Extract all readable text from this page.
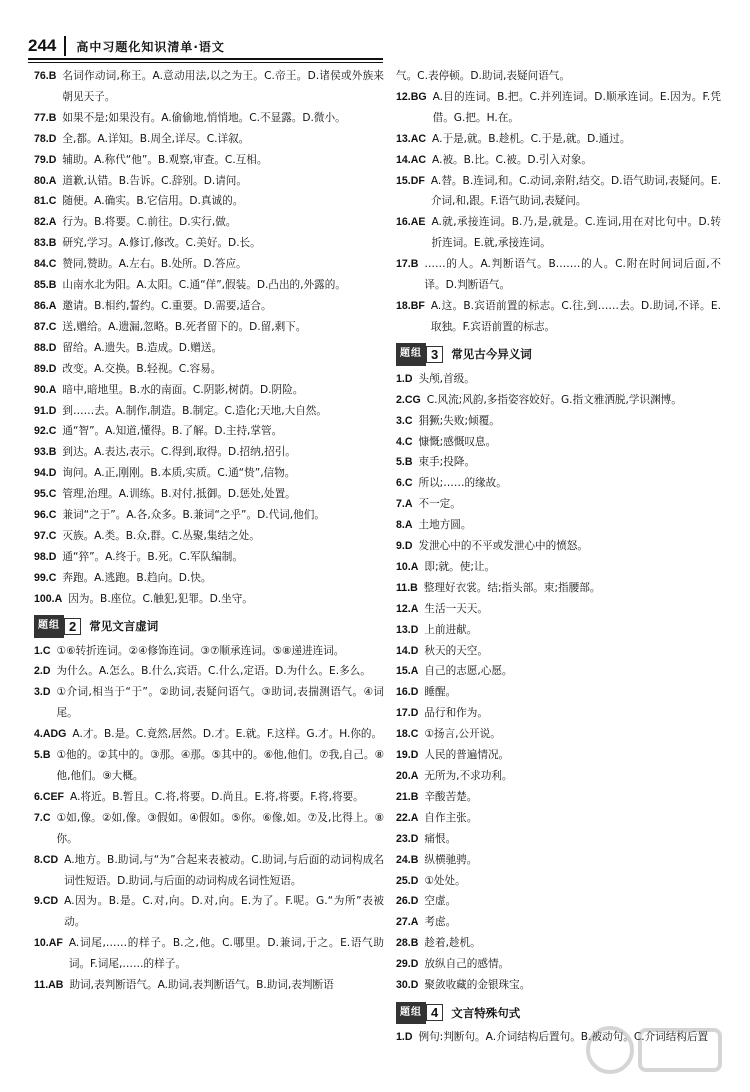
244	高中习题化知识清单·语文
76.B 名词作动词,称王。A.意动用法,以之为王。C.帝王。D.诸侯或外族来朝见天子。
77.B 如果不是;如果没有。A.偷偷地,悄悄地。C.不显露。D.微小。
78.D 全,都。A.详知。B.周全,详尽。C.详叙。
79.D 辅助。A.称代“他”。B.观察,审查。C.互相。
80.A 道歉,认错。B.告诉。C.辞别。D.请问。
81.C 随便。A.确实。B.它信用。D.真诚的。
82.A 行为。B.将要。C.前往。D.实行,做。
83.B 研究,学习。A.修订,修改。C.美好。D.长。
84.C 赞同,赞助。A.左右。B.处所。D.答应。
85.B 山南水北为阳。A.太阳。C.通“佯”,假装。D.凸出的,外露的。
86.A 邀请。B.相约,誓约。C.重要。D.需要,适合。
87.C 送,赠给。A.遗漏,忽略。B.死者留下的。D.留,剩下。
88.D 留给。A.遗失。B.造成。D.赠送。
89.D 改变。A.交换。B.轻视。C.容易。
90.A 暗中,暗地里。B.水的南面。C.阴影,树荫。D.阴险。
91.D 到……去。A.制作,制造。B.制定。C.造化;天地,大自然。
92.C 通“智”。A.知道,懂得。B.了解。D.主持,掌管。
93.B 到达。A.表达,表示。C.得到,取得。D.招纳,招引。
94.D 询问。A.正,刚刚。B.本质,实质。C.通“贽”,信物。
95.C 管理,治理。A.训练。B.对付,抵御。D.惩处,处置。
96.C 兼词“之于”。A.各,众多。B.兼词“之乎”。D.代词,他们。
97.C 灭族。A.类。B.众,群。C.丛聚,集结之处。
98.D 通“猝”。A.终于。B.死。C.军队编制。
99.C 奔跑。A.逃跑。B.趋向。D.快。
100.A 因为。B.座位。C.触犯,犯罪。D.坐守。
题组 2	常见文言虚词
1.C ①⑥转折连词。②④修饰连词。③⑦顺承连词。⑤⑧递进连词。
2.D 为什么。A.怎么。B.什么,宾语。C.什么,定语。D.为什么。E.多么。
3.D ①介词,相当于“于”。②助词,表疑问语气。③助词,表揣测语气。④词尾。
4.ADG A.才。B.是。C.竟然,居然。D.才。E.就。F.这样。G.才。H.你的。
5.B ①他的。②其中的。③那。④那。⑤其中的。⑥他,他们。⑦我,自己。⑧他,他们。⑨大概。
6.CEF A.将近。B.暂且。C.将,将要。D.尚且。E.将,将要。F.将,将要。
7.C ①如,像。②如,像。③假如。④假如。⑤你。⑥像,如。⑦及,比得上。⑧你。
8.CD A.地方。B.助词,与“为”合起来表被动。C.助词,与后面的动词构成名词性短语。D.助词,与后面的动词构成名词性短语。
9.CD A.因为。B.是。C.对,向。D.对,向。E.为了。F.呢。G.“为所”表被动。
10.AF A.词尾,……的样子。B.之,他。C.哪里。D.兼词,于之。E.语气助词。F.词尾,……的样子。
11.AB 助词,表判断语气。A.助词,表判断语气。B.助词,表判断语
气。C.表停顿。D.助词,表疑问语气。
12.BG A.目的连词。B.把。C.并列连词。D.顺承连词。E.因为。F.凭借。G.把。H.在。
13.AC A.于是,就。B.趁机。C.于是,就。D.通过。
14.AC A.被。B.比。C.被。D.引入对象。
15.DF A.替。B.连词,和。C.动词,亲附,结交。D.语气助词,表疑问。E.介词,和,跟。F.语气助词,表疑问。
16.AE A.就,承接连词。B.乃,是,就是。C.连词,用在对比句中。D.转折连词。E.就,承接连词。
17.B ……的人。A.判断语气。B.……的人。C.附在时间词后面,不译。D.判断语气。
18.BF A.这。B.宾语前置的标志。C.往,到……去。D.助词,不译。E.取独。F.宾语前置的标志。
题组 3	常见古今异义词
1.D 头颅,首级。
2.CG C.风流;风韵,多指姿容姣好。G.指文雅洒脱,学识渊博。
3.C 狷獗;失败;倾覆。
4.C 慷慨;感慨叹息。
5.B 束手;投降。
6.C 所以;……的缘故。
7.A 不一定。
8.A 土地方圆。
9.D 发泄心中的不平或发泄心中的愤怒。
10.A 即;就。使;让。
11.B 整理好衣裳。结;指头部。束;指腰部。
12.A 生活一天天。
13.D 上前进献。
14.D 秋天的天空。
15.A 自己的志愿,心愿。
16.D 睡醒。
17.D 品行和作为。
18.C ①扬言,公开说。
19.D 人民的普遍情况。
20.A 无所为,不求功利。
21.B 辛酸苦楚。
22.A 自作主张。
23.D 痛恨。
24.B 纵横驰骋。
25.D ①处处。
26.D 空虚。
27.A 考虑。
28.B 趁着,趁机。
29.D 放纵自己的感情。
30.D 聚敛收藏的金银珠宝。
题组 4	文言特殊句式
1.D 例句:判断句。A.介词结构后置句。B.被动句。C.介词结构后置
